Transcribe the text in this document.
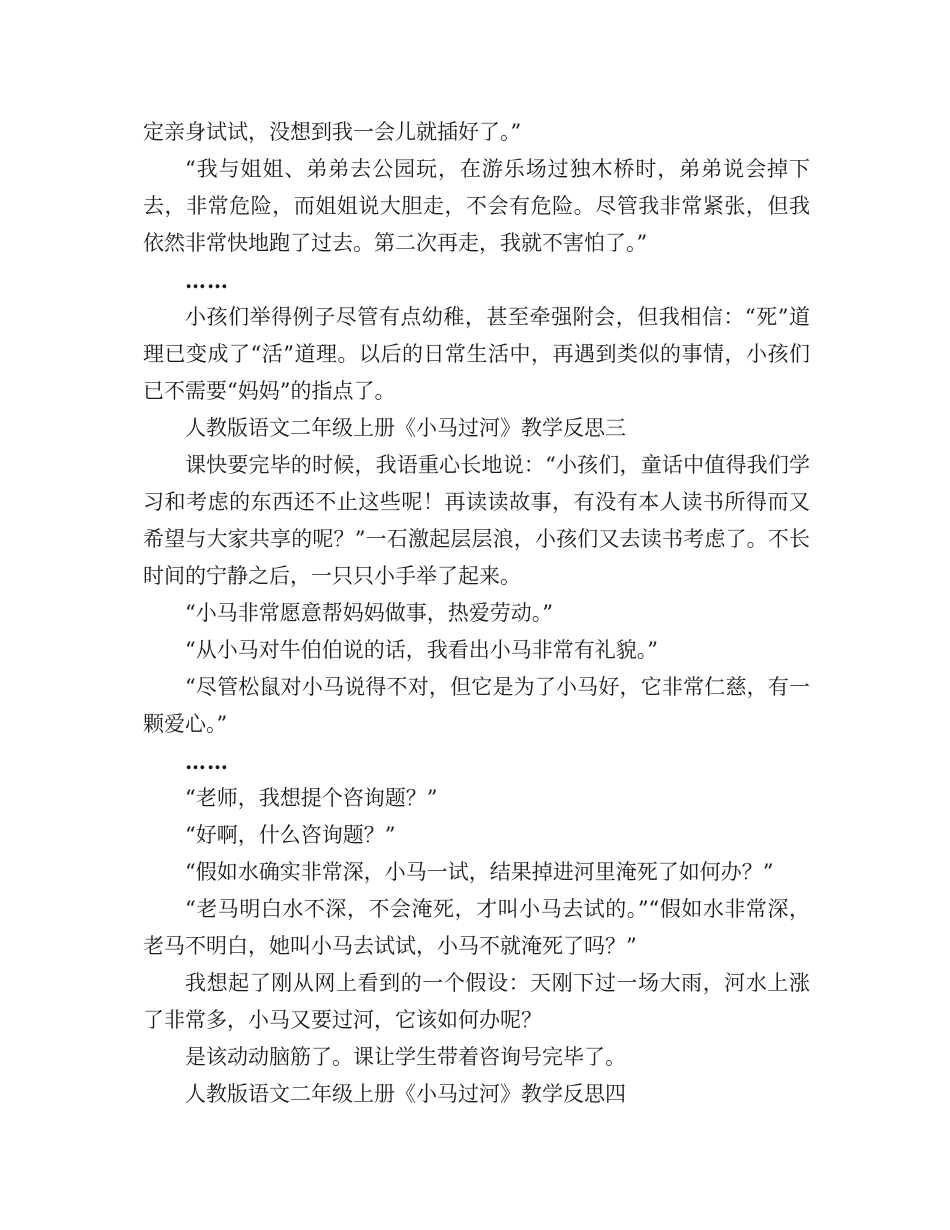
定亲身试试，没想到我一会儿就插好了。”

“我与姐姐、弟弟去公园玩，在游乐场过独木桥时，弟弟说会掉下去，非常危险，而姐姐说大胆走，不会有危险。尽管我非常紧张，但我依然非常快地跑了过去。第二次再走，我就不害怕了。”

……

小孩们举得例子尽管有点幼稚，甚至牵强附会，但我相信：“死”道理已变成了“活”道理。以后的日常生活中，再遇到类似的事情，小孩们已不需要“妈妈”的指点了。

人教版语文二年级上册《小马过河》教学反思三

课快要完毕的时候，我语重心长地说：“小孩们，童话中值得我们学习和考虑的东西还不止这些呢！再读读故事，有没有本人读书所得而又希望与大家共享的呢？”一石激起层层浪，小孩们又去读书考虑了。不长时间的宁静之后，一只只小手举了起来。

“小马非常愿意帮妈妈做事，热爱劳动。”

“从小马对牛伯伯说的话，我看出小马非常有礼貌。”

“尽管松鼠对小马说得不对，但它是为了小马好，它非常仁慈，有一颗爱心。”

……

“老师，我想提个咨询题？”

“好啊，什么咨询题？”

“假如水确实非常深，小马一试，结果掉进河里淹死了如何办？”

“老马明白水不深，不会淹死，才叫小马去试的。”“假如水非常深，老马不明白，她叫小马去试试，小马不就淹死了吗？”

我想起了刚从网上看到的一个假设：天刚下过一场大雨，河水上涨了非常多，小马又要过河，它该如何办呢？

是该动动脑筋了。课让学生带着咨询号完毕了。

人教版语文二年级上册《小马过河》教学反思四
